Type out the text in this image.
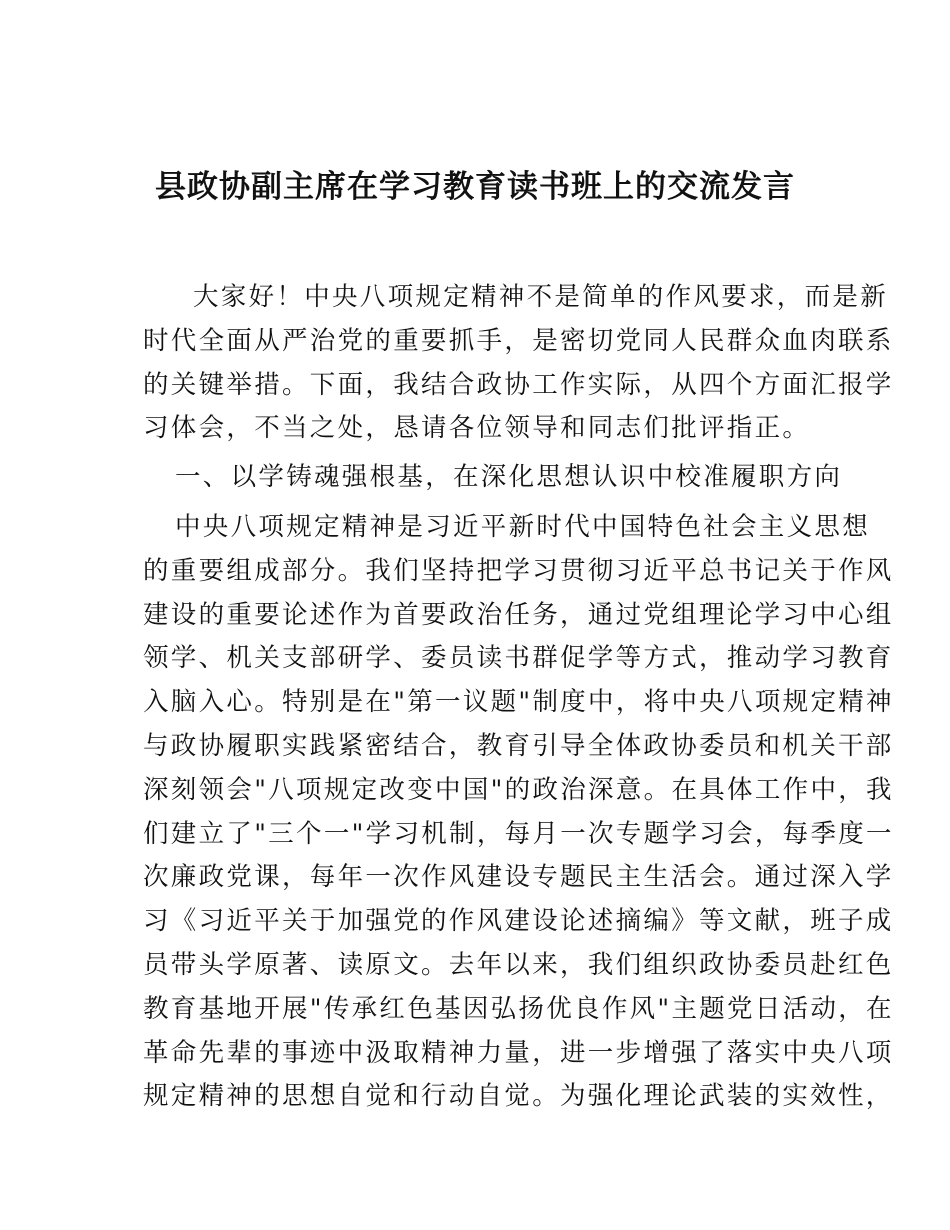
县政协副主席在学习教育读书班上的交流发言
大家好！中央八项规定精神不是简单的作风要求，而是新
时代全面从严治党的重要抓手，是密切党同人民群众血肉联系
的关键举措。下面，我结合政协工作实际，从四个方面汇报学
习体会，不当之处，恳请各位领导和同志们批评指正。
一、以学铸魂强根基，在深化思想认识中校准履职方向
中央八项规定精神是习近平新时代中国特色社会主义思想
的重要组成部分。我们坚持把学习贯彻习近平总书记关于作风
建设的重要论述作为首要政治任务，通过党组理论学习中心组
领学、机关支部研学、委员读书群促学等方式，推动学习教育
入脑入心。特别是在"第一议题"制度中，将中央八项规定精神
与政协履职实践紧密结合，教育引导全体政协委员和机关干部
深刻领会"八项规定改变中国"的政治深意。在具体工作中，我
们建立了"三个一"学习机制，每月一次专题学习会，每季度一
次廉政党课，每年一次作风建设专题民主生活会。通过深入学
习《习近平关于加强党的作风建设论述摘编》等文献，班子成
员带头学原著、读原文。去年以来，我们组织政协委员赴红色
教育基地开展"传承红色基因弘扬优良作风"主题党日活动，在
革命先辈的事迹中汲取精神力量，进一步增强了落实中央八项
规定精神的思想自觉和行动自觉。为强化理论武装的实效性，
